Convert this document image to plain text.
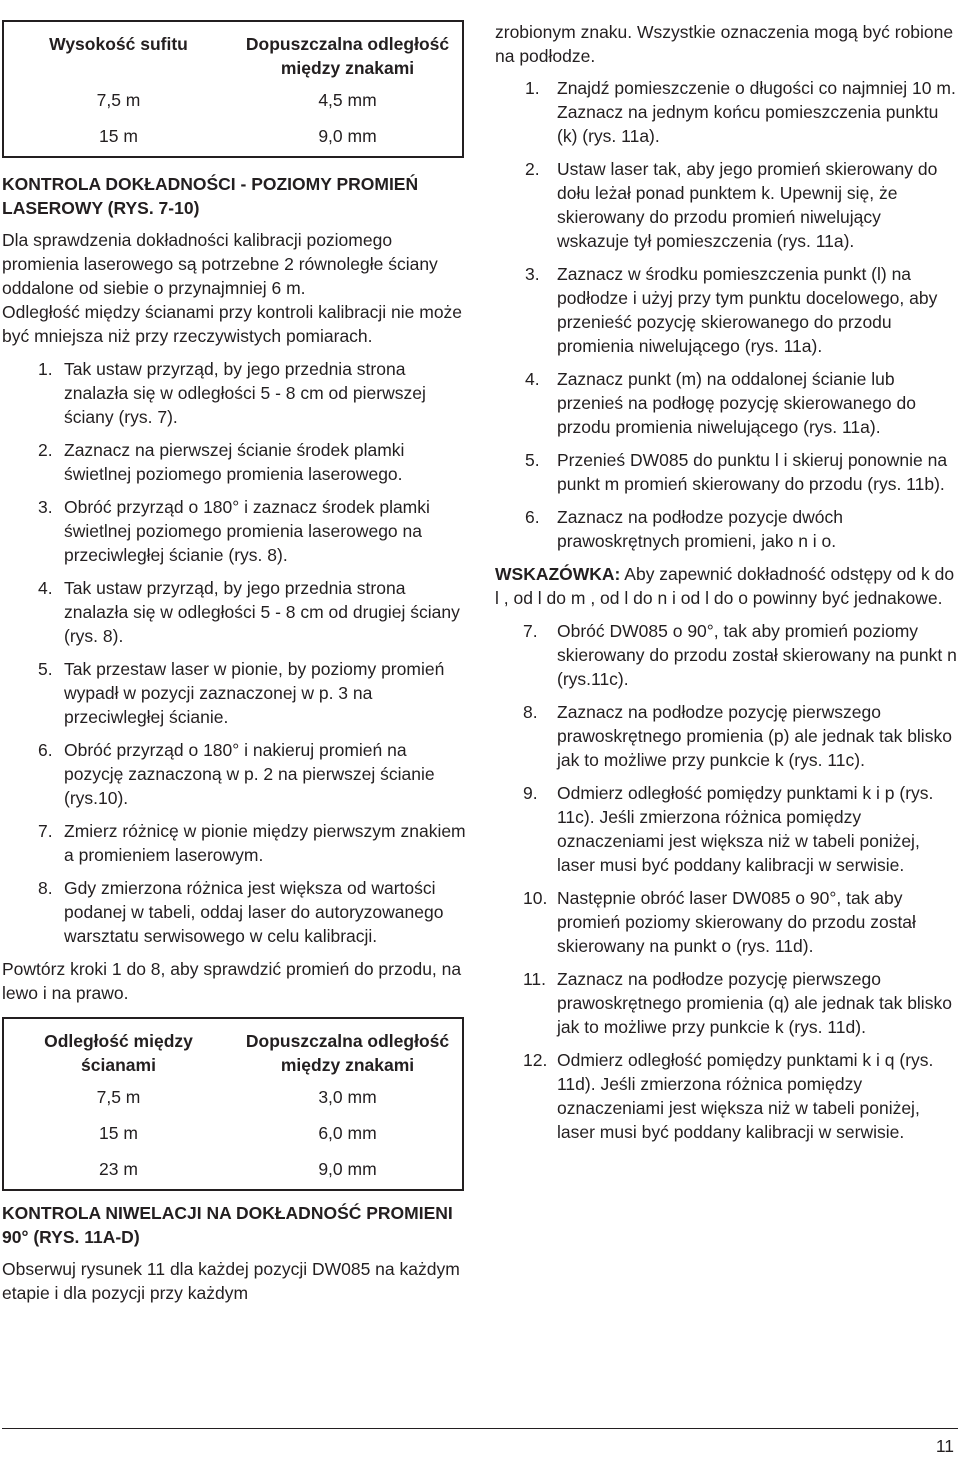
Wysokość sufitu	Dopuszczalna odległość między znakami
7,5 m	4,5 mm
15 m	9,0 mm
KONTROLA DOKŁADNOŚCI - POZIOMY PROMIEŃ LASEROWY (RYS. 7-10)

Dla sprawdzenia dokładności kalibracji poziomego promienia laserowego są potrzebne 2 równoległe ściany oddalone od siebie o przynajmniej 6 m.

Odległość między ścianami przy kontroli kalibracji nie może być mniejsza niż przy rzeczywistych pomiarach.

1. Tak ustaw przyrząd, by jego przednia strona znalazła się w odległości 5 - 8 cm od pierwszej ściany (rys. 7).
2. Zaznacz na pierwszej ścianie środek plamki świetlnej poziomego promienia laserowego.
3. Obróć przyrząd o 180° i zaznacz środek plamki świetlnej poziomego promienia laserowego na przeciwległej ścianie (rys. 8).
4. Tak ustaw przyrząd, by jego przednia strona znalazła się w odległości 5 - 8 cm od drugiej ściany (rys. 8).
5. Tak przestaw laser w pionie, by poziomy promień wypadł w pozycji zaznaczonej w p. 3 na przeciwległej ścianie.
6. Obróć przyrząd o 180° i nakieruj promień na pozycję zaznaczoną w p. 2 na pierwszej ścianie (rys.10).
7. Zmierz różnicę w pionie między pierwszym znakiem a promieniem laserowym.
8. Gdy zmierzona różnica jest większa od wartości podanej w tabeli, oddaj laser do autoryzowanego warsztatu serwisowego w celu kalibracji.

Powtórz kroki 1 do 8, aby sprawdzić promień do przodu, na lewo i na prawo.

Odległość między ścianami	Dopuszczalna odległość między znakami
7,5 m	3,0 mm
15 m	6,0 mm
23 m	9,0 mm
KONTROLA NIWELACJI NA DOKŁADNOŚĆ PROMIENI 90° (RYS. 11A-D)

Obserwuj rysunek 11 dla każdej pozycji DW085 na każdym etapie i dla pozycji przy każdym

zrobionym znaku. Wszystkie oznaczenia mogą być robione na podłodze.

1. Znajdź pomieszczenie o długości co najmniej 10 m. Zaznacz na jednym końcu pomieszczenia punktu (k) (rys. 11a).
2. Ustaw laser tak, aby jego promień skierowany do dołu leżał ponad punktem k. Upewnij się, że skierowany do przodu promień niwelujący wskazuje tył pomieszczenia (rys. 11a).
3. Zaznacz w środku pomieszczenia punkt (l) na podłodze i użyj przy tym punktu docelowego, aby przenieść pozycję skierowanego do przodu promienia niwelującego (rys. 11a).
4. Zaznacz punkt (m) na oddalonej ścianie lub przenieś na podłogę pozycję skierowanego do przodu promienia niwelującego (rys. 11a).
5. Przenieś DW085 do punktu l i skieruj ponownie na punkt m promień skierowany do przodu (rys. 11b).
6. Zaznacz na podłodze pozycje dwóch prawoskrętnych promieni, jako n i o.

WSKAZÓWKA: Aby zapewnić dokładność odstępy od k do l , od l do m , od l do n i od l do o powinny być jednakowe.

7. Obróć DW085 o 90°, tak aby promień poziomy skierowany do przodu został skierowany na punkt n (rys.11c).
8. Zaznacz na podłodze pozycję pierwszego prawoskrętnego promienia (p) ale jednak tak blisko jak to możliwe przy punkcie k (rys. 11c).
9. Odmierz odległość pomiędzy punktami k i p (rys. 11c). Jeśli zmierzona różnica pomiędzy oznaczeniami jest większa niż w tabeli poniżej, laser musi być poddany kalibracji w serwisie.
10. Następnie obróć laser DW085 o 90°, tak aby promień poziomy skierowany do przodu został skierowany na punkt o (rys. 11d).
11. Zaznacz na podłodze pozycję pierwszego prawoskrętnego promienia (q) ale jednak tak blisko jak to możliwe przy punkcie k (rys. 11d).
12. Odmierz odległość pomiędzy punktami k i q (rys. 11d). Jeśli zmierzona różnica pomiędzy oznaczeniami jest większa niż w tabeli poniżej, laser musi być poddany kalibracji w serwisie.
11
